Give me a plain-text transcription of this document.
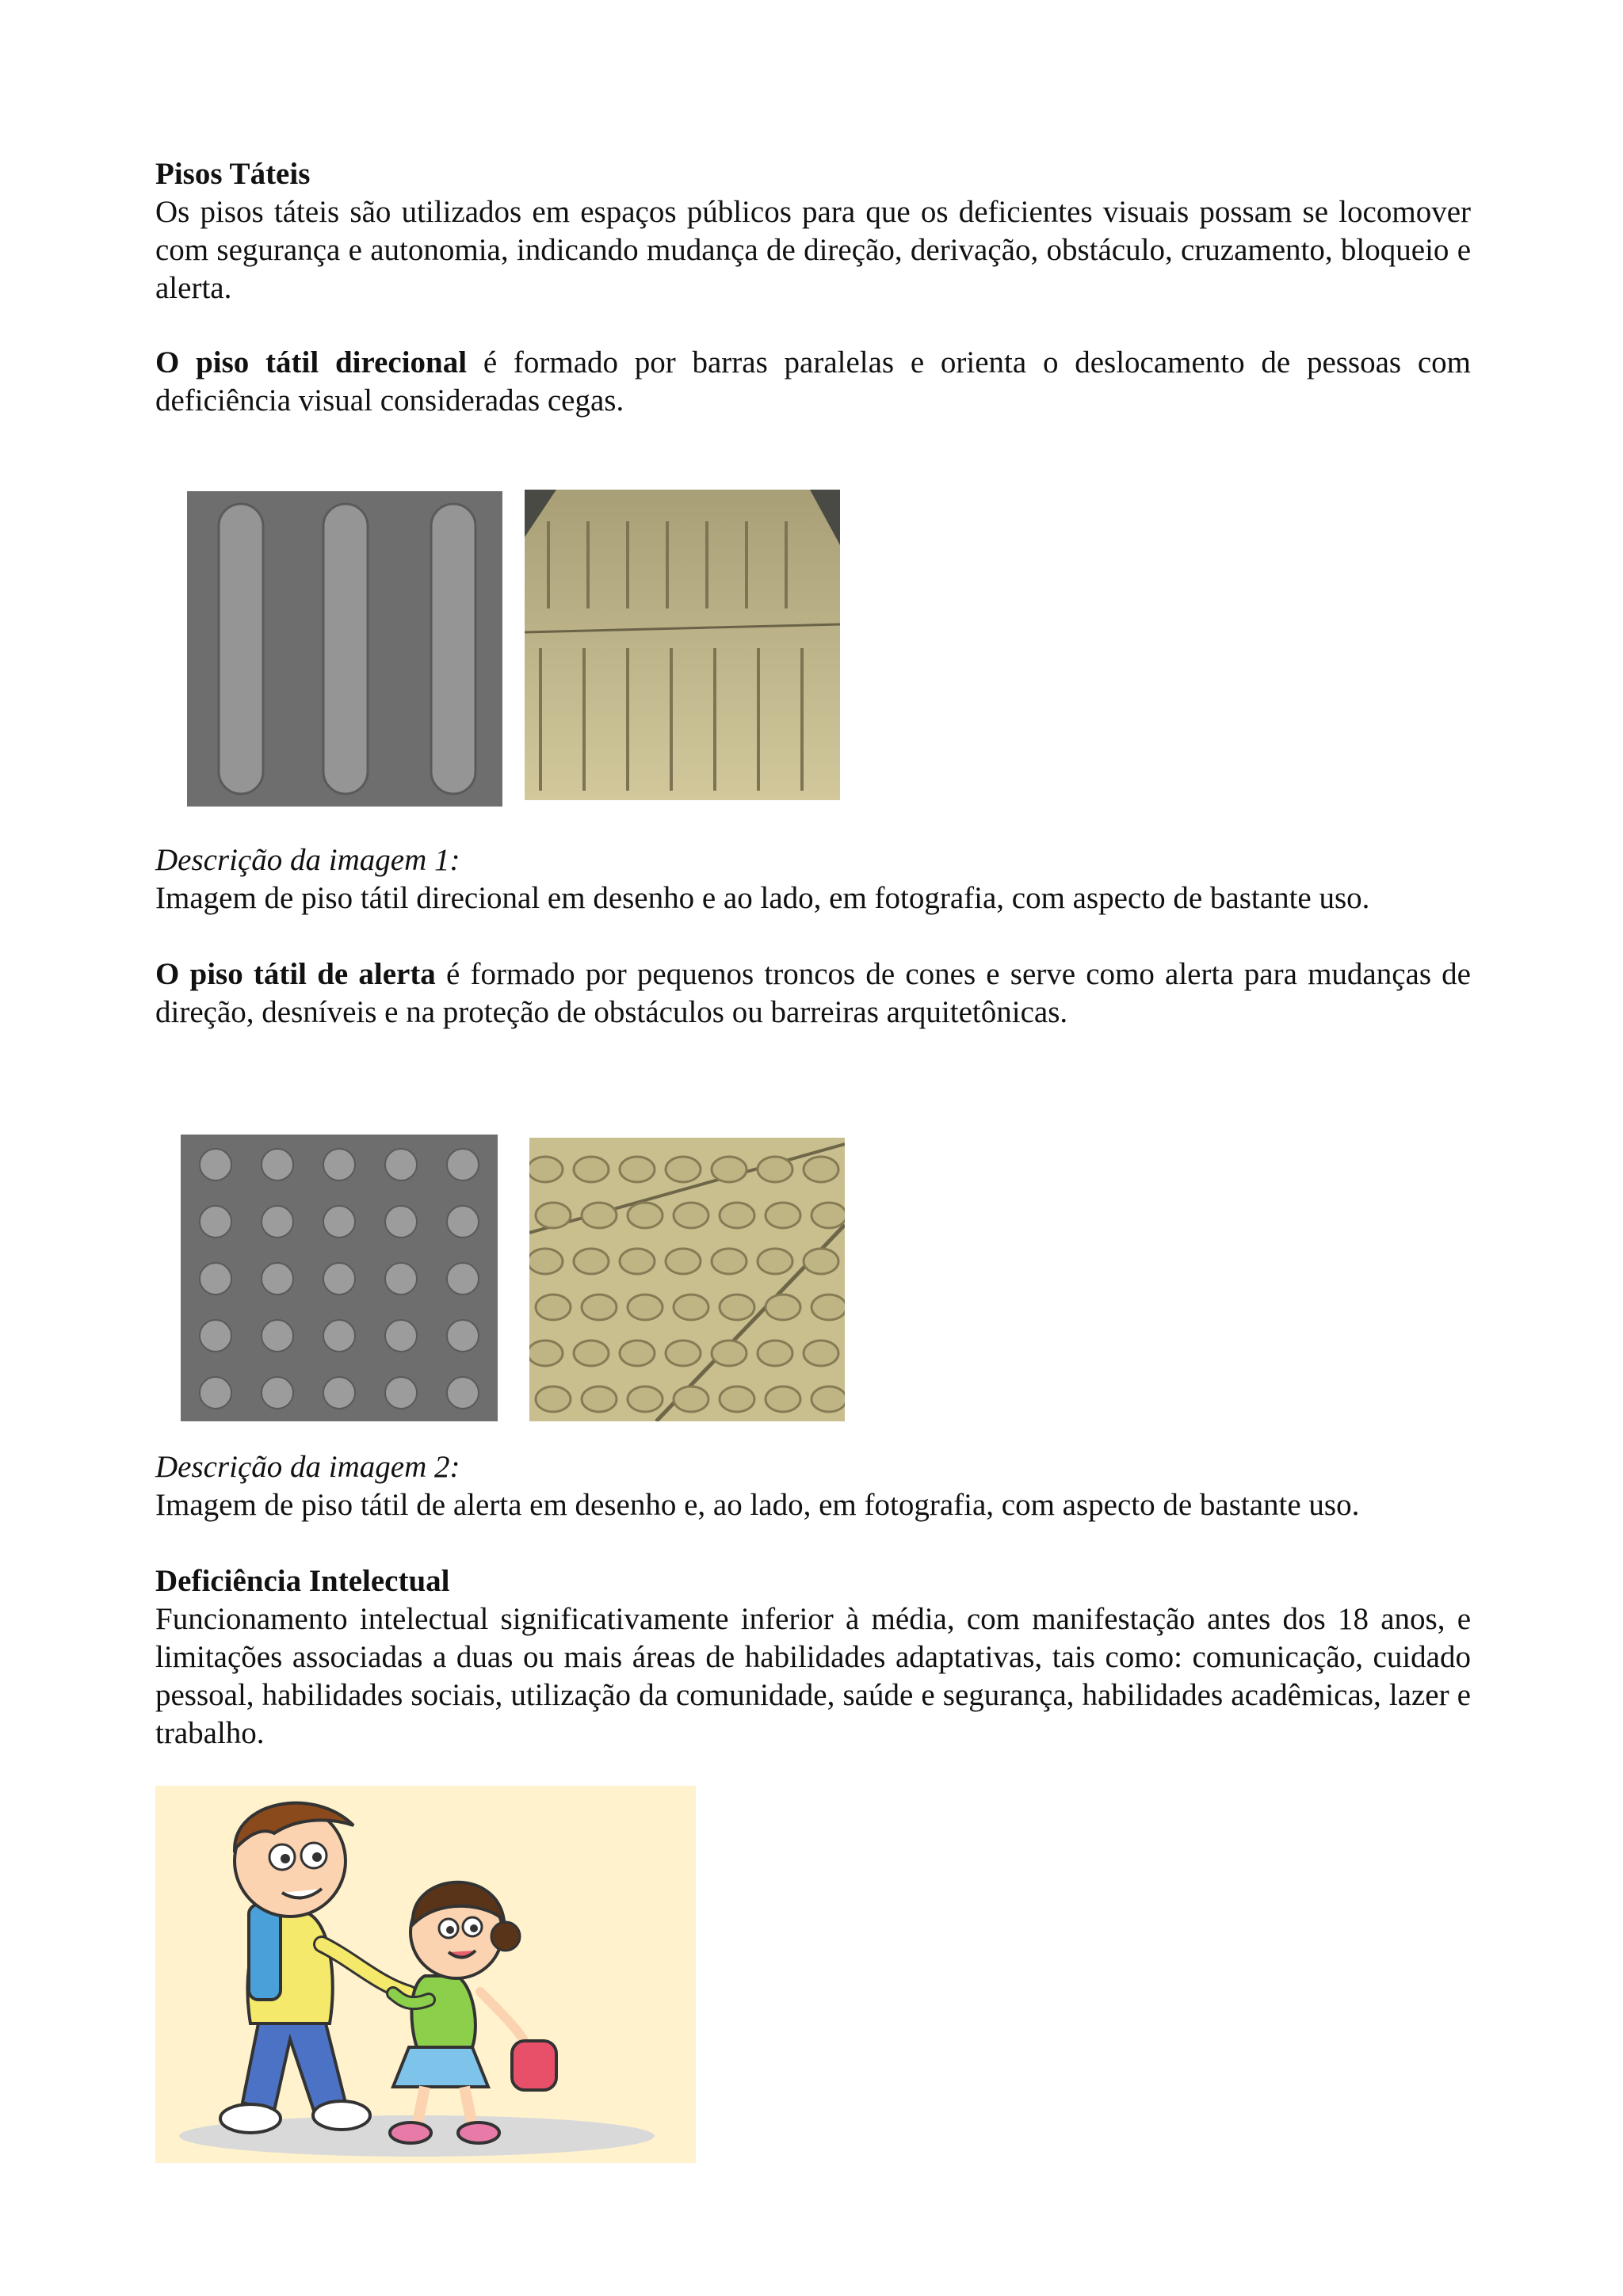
Pisos Táteis

Os pisos táteis são utilizados em espaços públicos para que os deficientes visuais possam se locomover com segurança e autonomia, indicando mudança de direção, derivação, obstáculo, cruzamento, bloqueio e alerta.

O piso tátil direcional é formado por barras paralelas e orienta o deslocamento de pessoas com deficiência visual consideradas cegas.

Descrição da imagem 1:

Imagem de piso tátil direcional em desenho e ao lado, em fotografia, com aspecto de bastante uso.

O piso tátil de alerta é formado por pequenos troncos de cones e serve como alerta para mudanças de direção, desníveis e na proteção de obstáculos ou barreiras arquitetônicas.

Descrição da imagem 2:

Imagem de piso tátil de alerta em desenho e, ao lado, em fotografia, com aspecto de bastante uso.

Deficiência Intelectual

Funcionamento intelectual significativamente inferior à média, com manifestação antes dos 18 anos, e limitações associadas a duas ou mais áreas de habilidades adaptativas, tais como: comunicação, cuidado pessoal, habilidades sociais, utilização da comunidade, saúde e segurança, habilidades acadêmicas, lazer e trabalho.
